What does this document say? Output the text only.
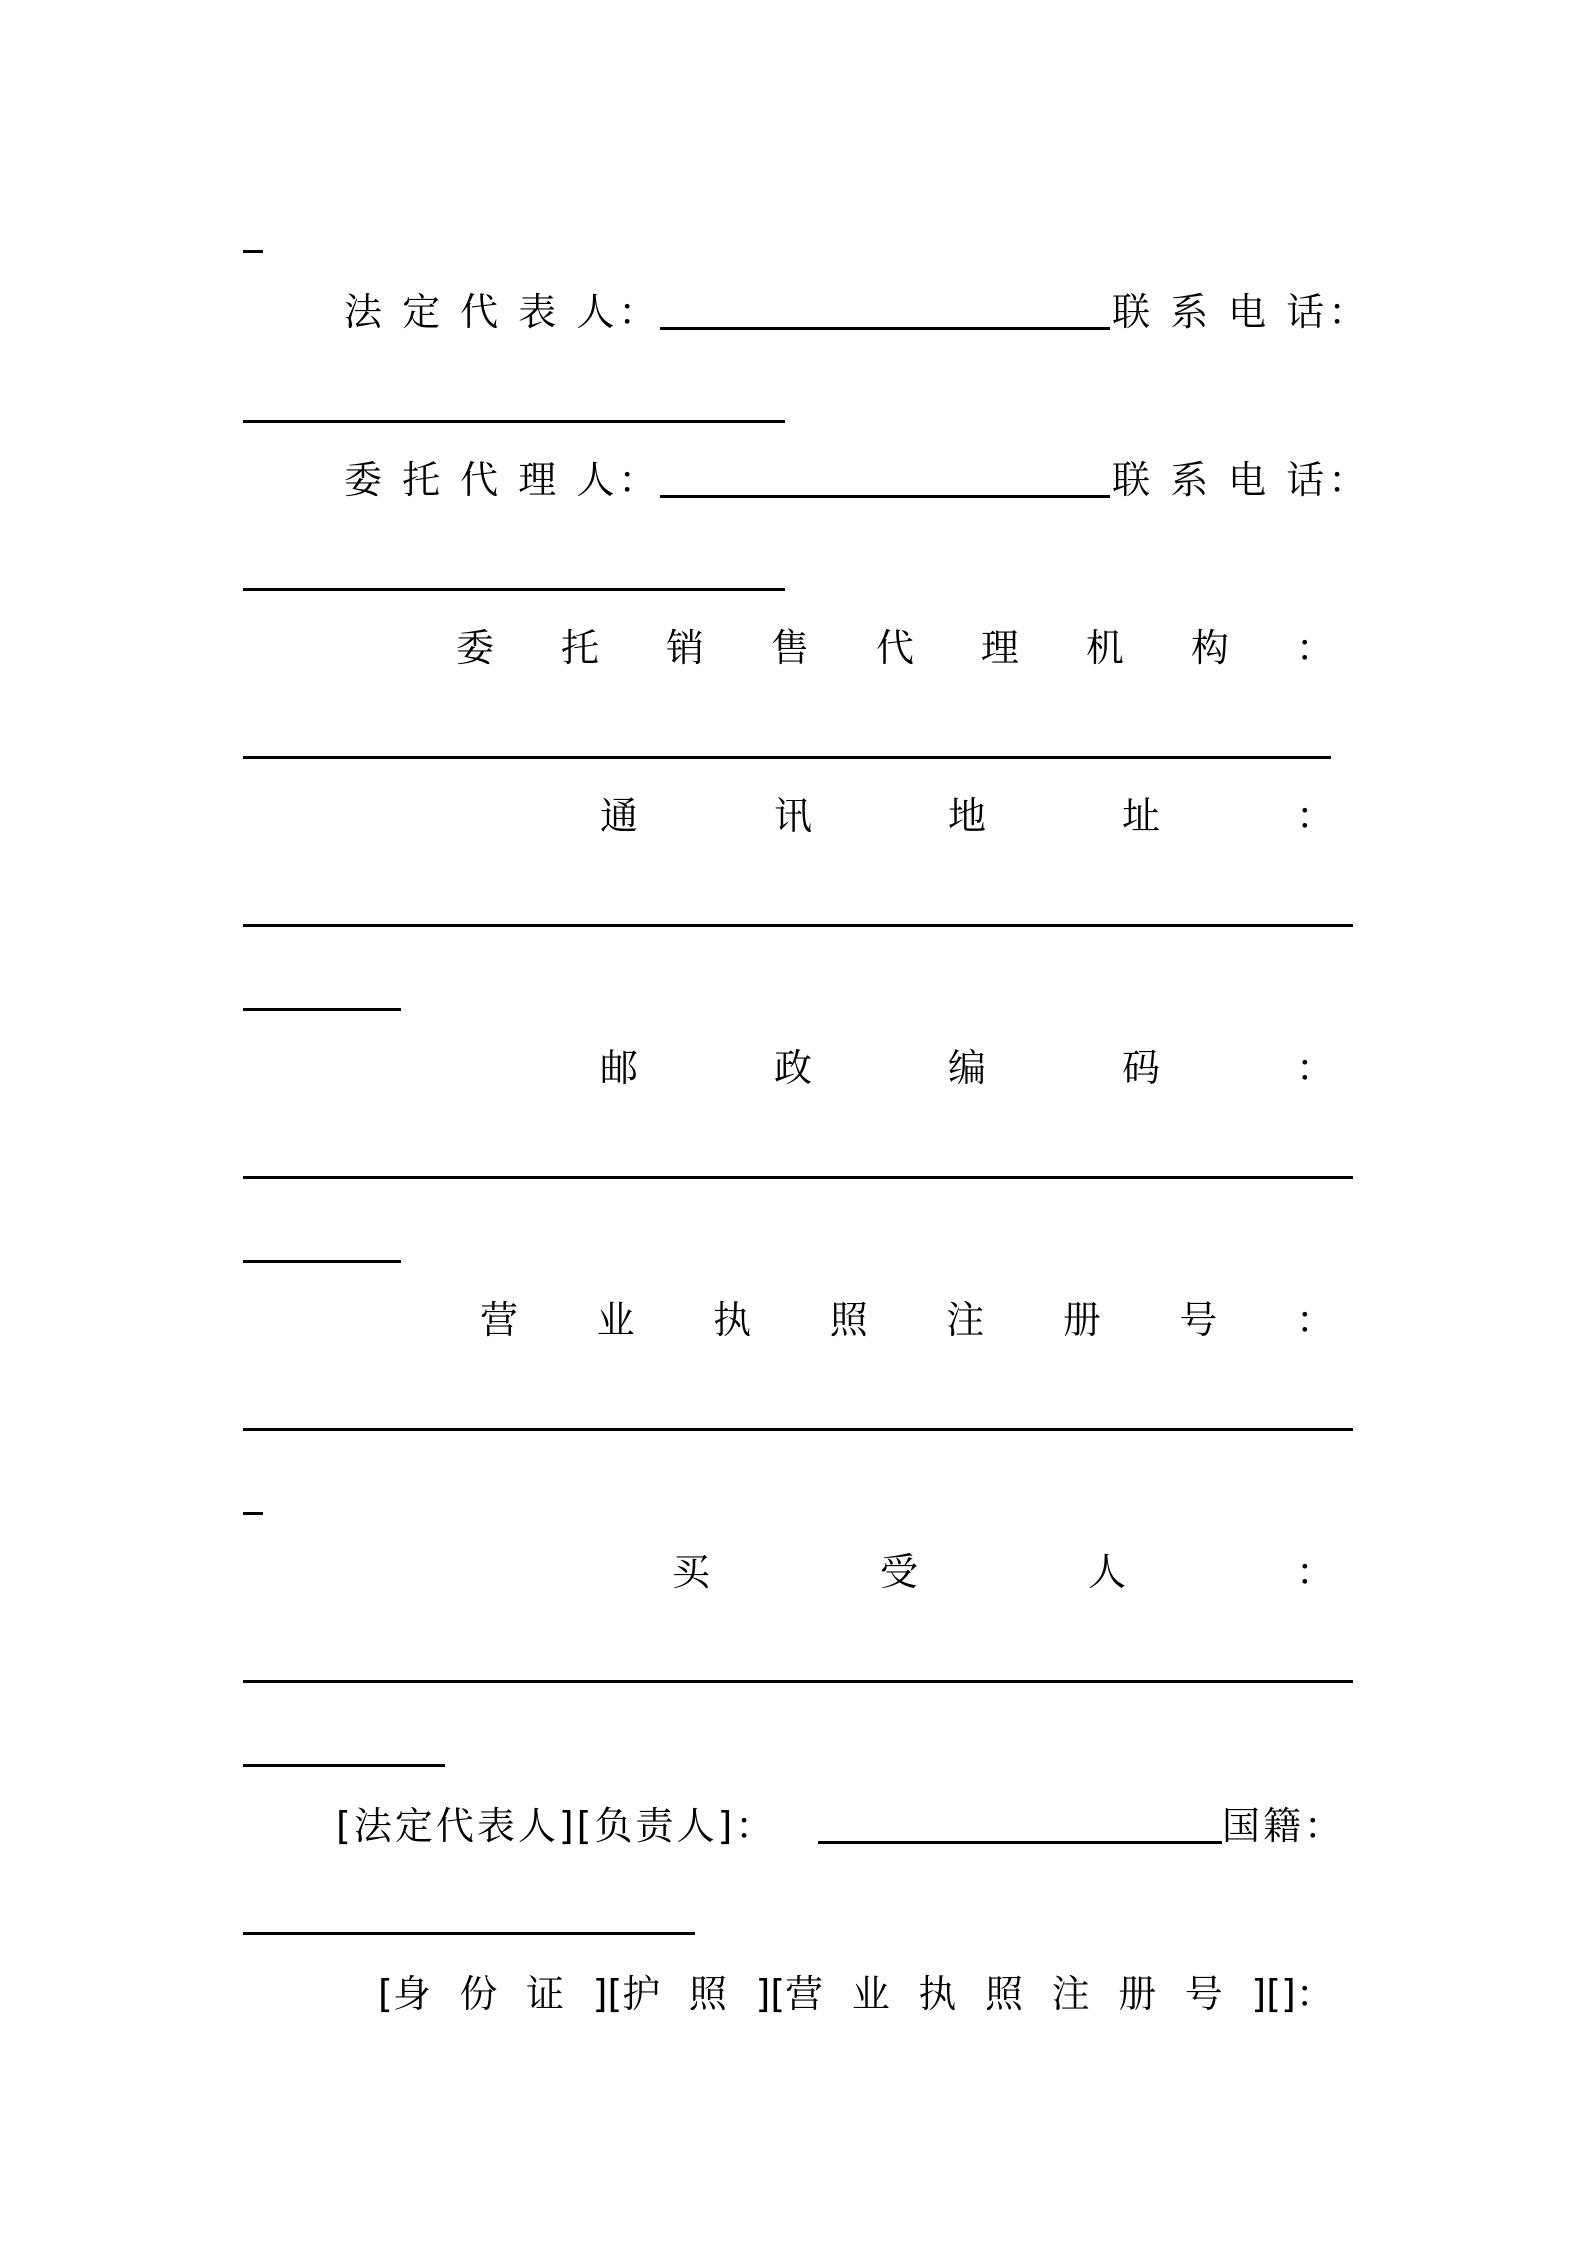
法 定 代 表 人：	联 系 电 话：
委 托 代 理 人：	联 系 电 话：
委 托 销 售 代 理 机 构 ：
通	讯	地	址	：
邮	政	编	码	：
营 业 执 照 注 册 号 ：
买	受	人	：
[法定代表人][负责人]：	国籍：
[身 份 证 ][护 照 ][营 业 执 照 注 册 号 ][]：
